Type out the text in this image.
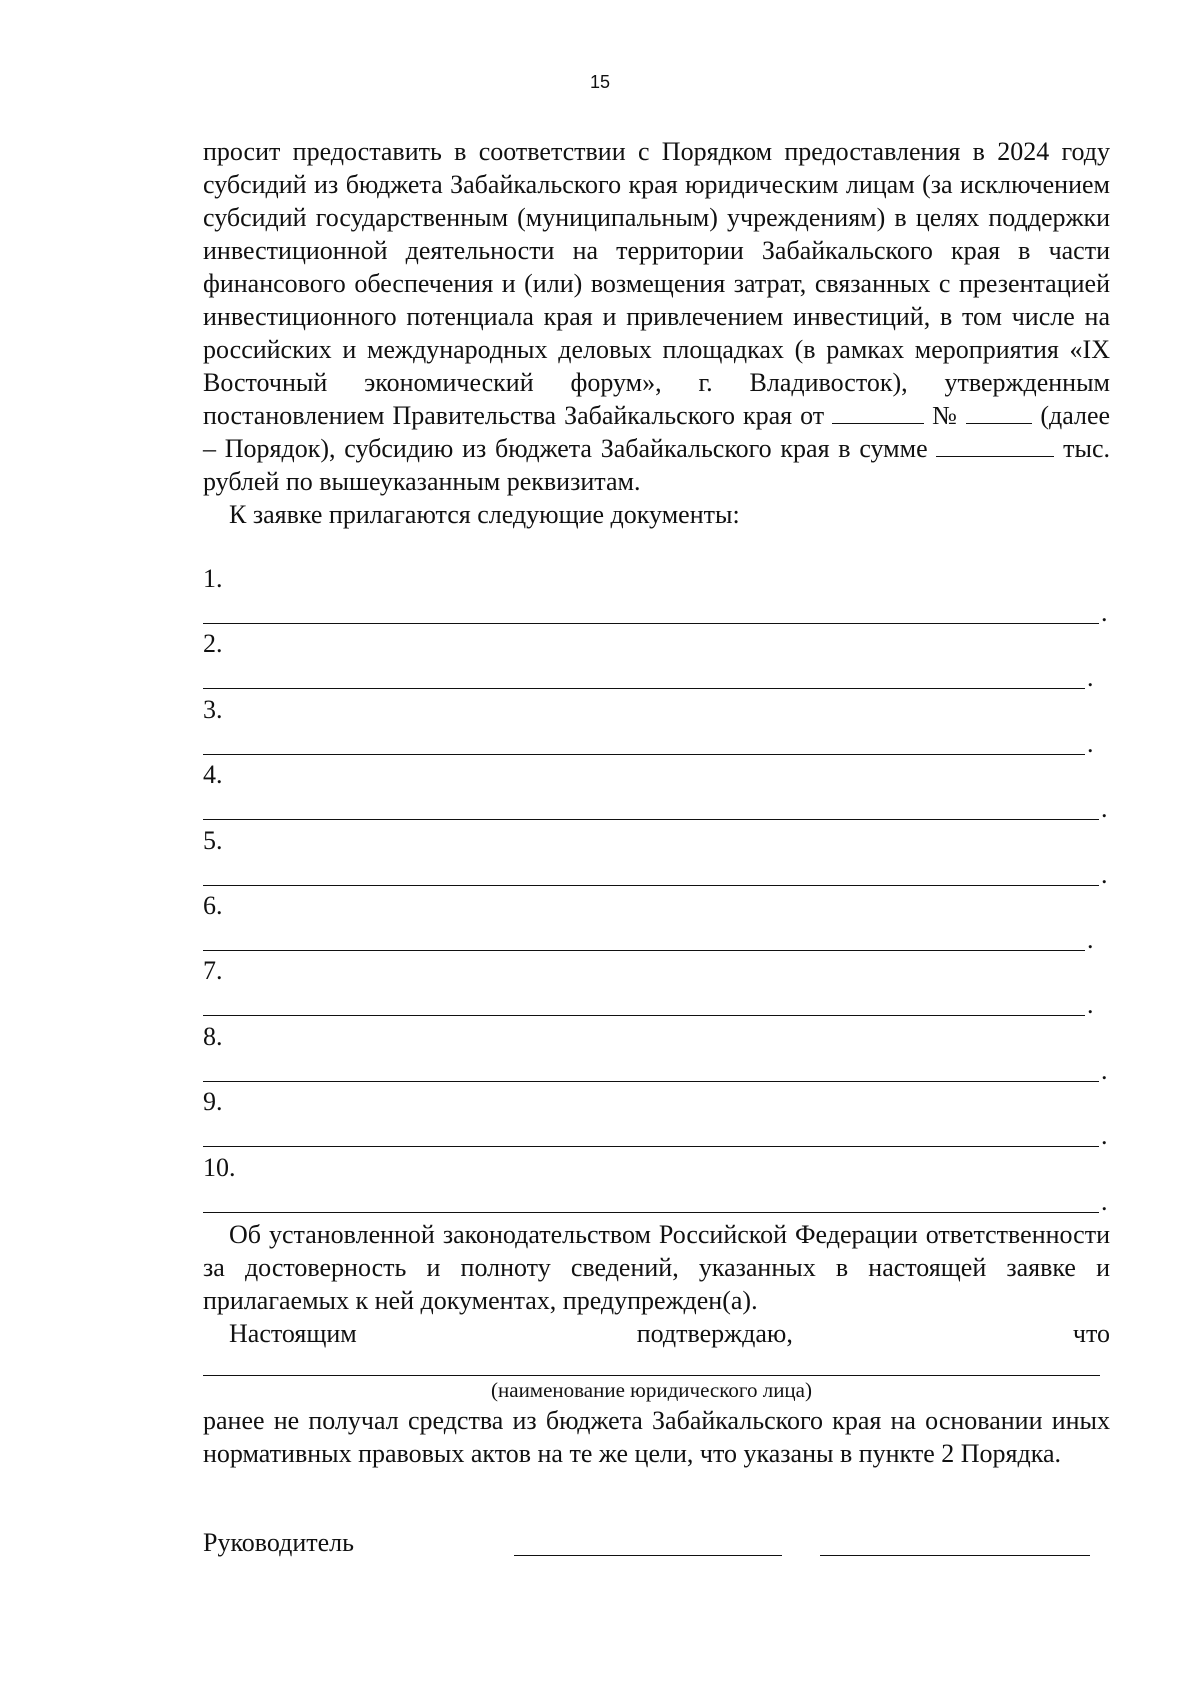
15

просит предоставить в соответствии с Порядком предоставления в 2024 году субсидий из бюджета Забайкальского края юридическим лицам (за исключением субсидий государственным (муниципальным) учреждениям) в целях поддержки инвестиционной деятельности на территории Забайкальского края в части финансового обеспечения и (или) возмещения затрат, связанных с презентацией инвестиционного потенциала края и привлечением инвестиций, в том числе на российских и международных деловых площадках (в рамках мероприятия «IX Восточный экономический форум», г. Владивосток), утвержденным постановлением Правительства Забайкальского края от	№	(далее – Порядок), субсидию из бюджета Забайкальского края в сумме	тыс. рублей по вышеуказанным реквизитам.

К заявке прилагаются следующие документы:

1.
.
2.
.
3.
.
4.
.
5.
.
6.
.
7.
.
8.
.
9.
.
10.
.

Об установленной законодательством Российской Федерации ответственности за достоверность и полноту сведений, указанных в настоящей заявке и прилагаемых к ней документах, предупрежден(а).

Настоящим	подтверждаю,	что
(наименование юридического лица)

ранее не получал средства из бюджета Забайкальского края на основании иных нормативных правовых актов на те же цели, что указаны в пункте 2 Порядка.

Руководитель
